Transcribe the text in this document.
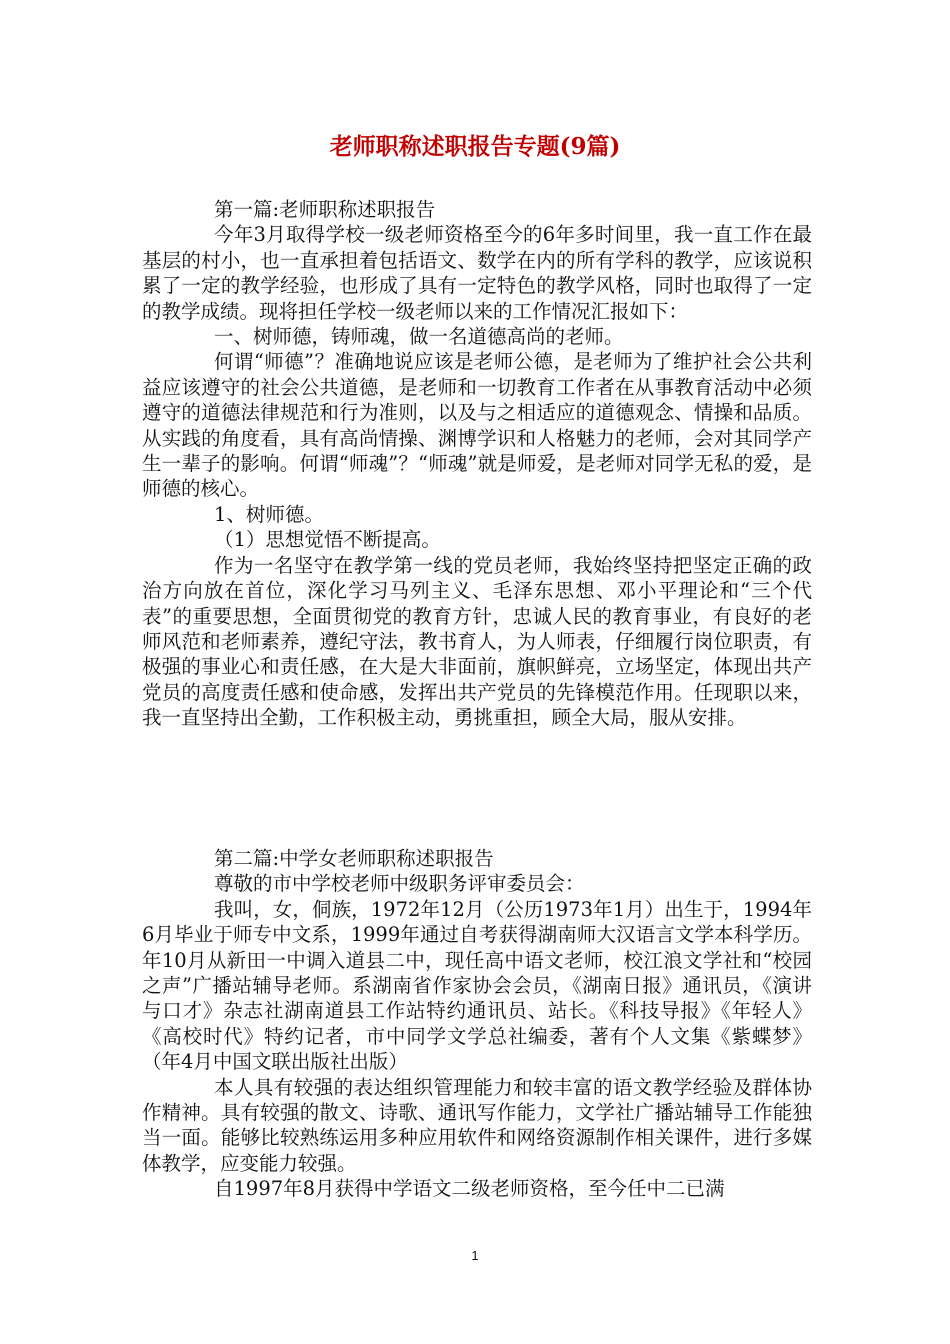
老师职称述职报告专题(9篇)

第一篇:老师职称述职报告

今年3月取得学校一级老师资格至今的6年多时间里，我一直工作在最基层的村小，也一直承担着包括语文、数学在内的所有学科的教学，应该说积累了一定的教学经验，也形成了具有一定特色的教学风格，同时也取得了一定的教学成绩。现将担任学校一级老师以来的工作情况汇报如下：

一、树师德，铸师魂，做一名道德高尚的老师。

何谓“师德”？准确地说应该是老师公德，是老师为了维护社会公共利益应该遵守的社会公共道德，是老师和一切教育工作者在从事教育活动中必须遵守的道德法律规范和行为准则，以及与之相适应的道德观念、情操和品质。从实践的角度看，具有高尚情操、渊博学识和人格魅力的老师，会对其同学产生一辈子的影响。何谓“师魂”？“师魂”就是师爱，是老师对同学无私的爱，是师德的核心。

1、树师德。

（1）思想觉悟不断提高。

作为一名坚守在教学第一线的党员老师，我始终坚持把坚定正确的政治方向放在首位，深化学习马列主义、毛泽东思想、邓小平理论和“三个代表”的重要思想，全面贯彻党的教育方针，忠诚人民的教育事业，有良好的老师风范和老师素养，遵纪守法，教书育人，为人师表，仔细履行岗位职责，有极强的事业心和责任感，在大是大非面前，旗帜鲜亮，立场坚定，体现出共产党员的高度责任感和使命感，发挥出共产党员的先锋模范作用。任现职以来，我一直坚持出全勤，工作积极主动，勇挑重担，顾全大局，服从安排。

第二篇:中学女老师职称述职报告

尊敬的市中学校老师中级职务评审委员会：

我叫，女，侗族，1972年12月（公历1973年1月）出生于，1994年6月毕业于师专中文系，1999年通过自考获得湖南师大汉语言文学本科学历。年10月从新田一中调入道县二中，现任高中语文老师，校江浪文学社和“校园之声”广播站辅导老师。系湖南省作家协会会员，《湖南日报》通讯员，《演讲与口才》杂志社湖南道县工作站特约通讯员、站长。《科技导报》《年轻人》《高校时代》特约记者，市中同学文学总社编委，著有个人文集《紫蝶梦》（年4月中国文联出版社出版）

本人具有较强的表达组织管理能力和较丰富的语文教学经验及群体协作精神。具有较强的散文、诗歌、通讯写作能力，文学社广播站辅导工作能独当一面。能够比较熟练运用多种应用软件和网络资源制作相关课件，进行多媒体教学，应变能力较强。

自1997年8月获得中学语文二级老师资格，至今任中二已满

1
